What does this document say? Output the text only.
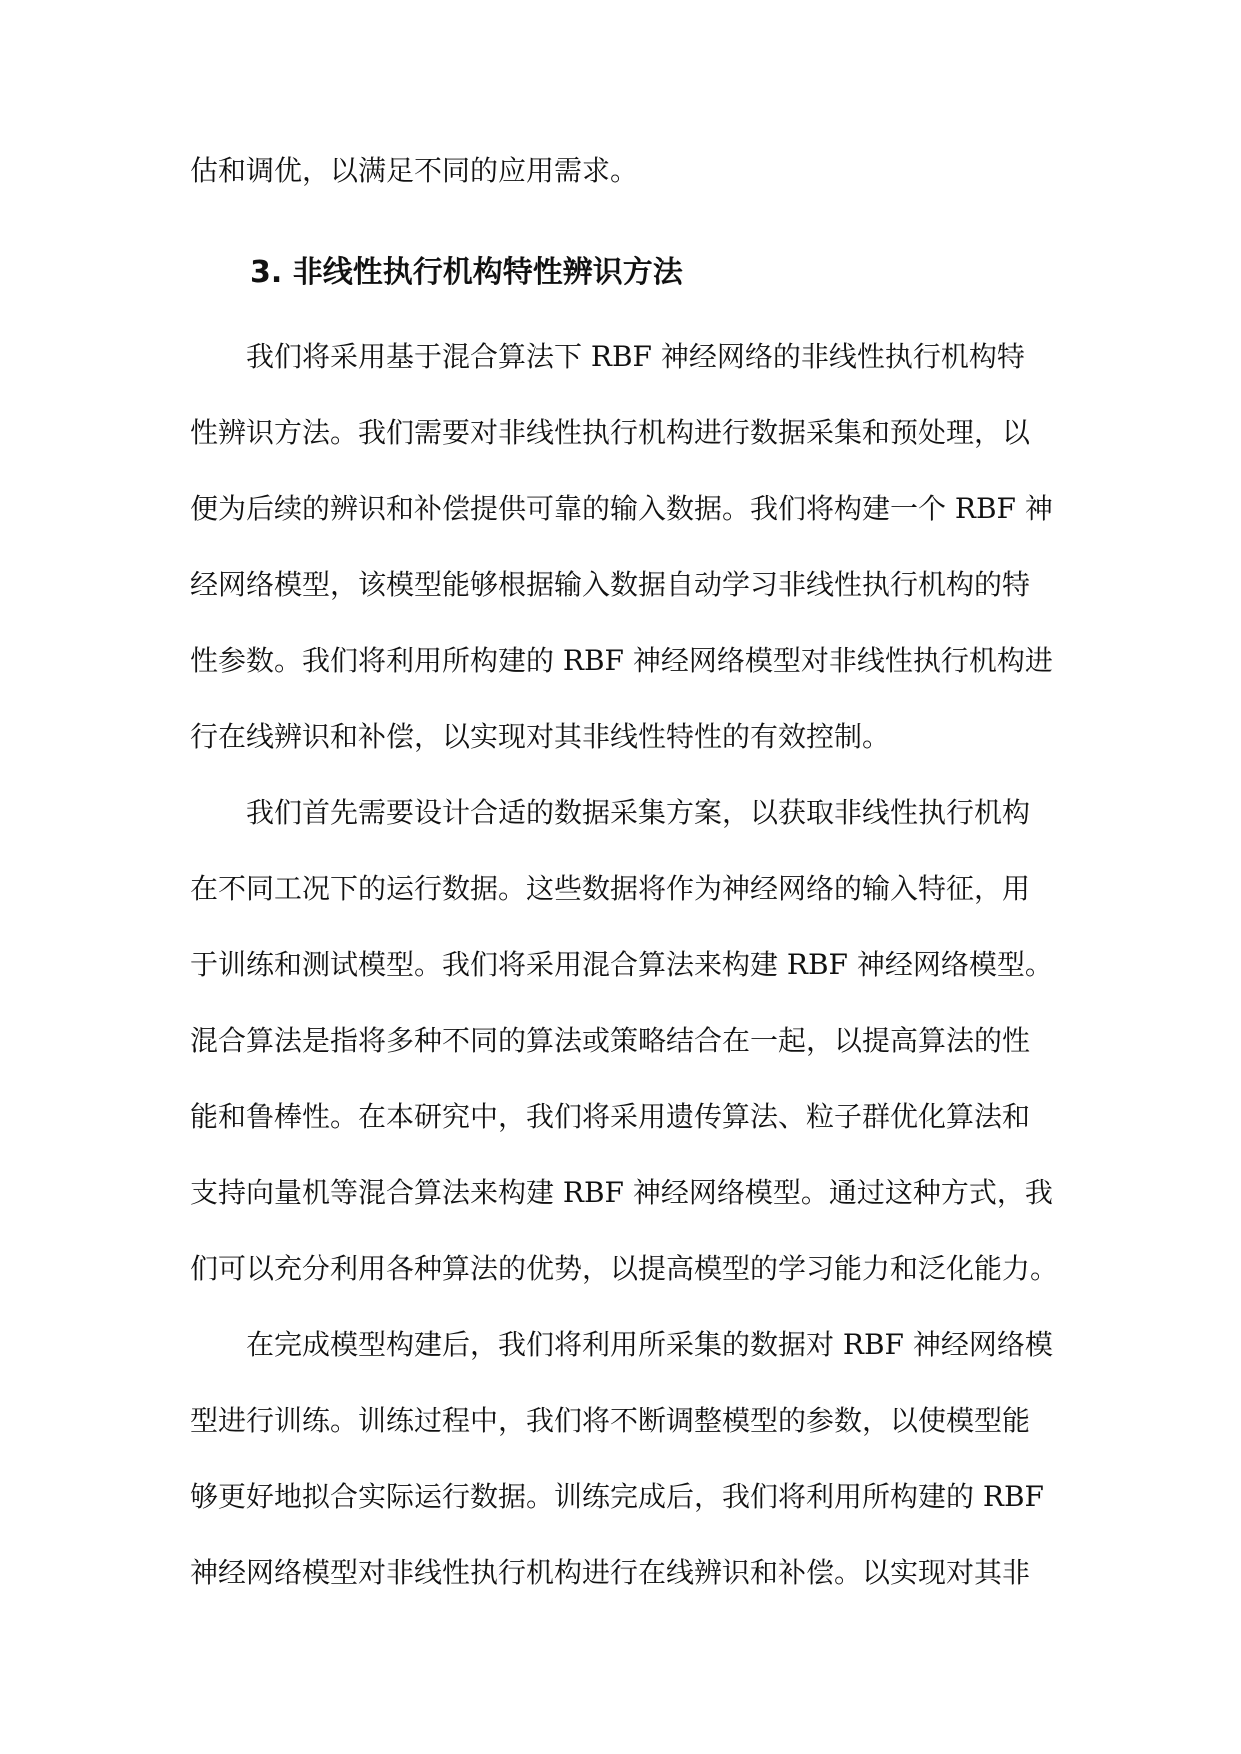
估和调优，以满足不同的应用需求。
3. 非线性执行机构特性辨识方法
我们将采用基于混合算法下 RBF 神经网络的非线性执行机构特
性辨识方法。我们需要对非线性执行机构进行数据采集和预处理，以
便为后续的辨识和补偿提供可靠的输入数据。我们将构建一个 RBF 神
经网络模型，该模型能够根据输入数据自动学习非线性执行机构的特
性参数。我们将利用所构建的 RBF 神经网络模型对非线性执行机构进
行在线辨识和补偿，以实现对其非线性特性的有效控制。
我们首先需要设计合适的数据采集方案，以获取非线性执行机构
在不同工况下的运行数据。这些数据将作为神经网络的输入特征，用
于训练和测试模型。我们将采用混合算法来构建 RBF 神经网络模型。
混合算法是指将多种不同的算法或策略结合在一起，以提高算法的性
能和鲁棒性。在本研究中，我们将采用遗传算法、粒子群优化算法和
支持向量机等混合算法来构建 RBF 神经网络模型。通过这种方式，我
们可以充分利用各种算法的优势，以提高模型的学习能力和泛化能力。
在完成模型构建后，我们将利用所采集的数据对 RBF 神经网络模
型进行训练。训练过程中，我们将不断调整模型的参数，以使模型能
够更好地拟合实际运行数据。训练完成后，我们将利用所构建的 RBF
神经网络模型对非线性执行机构进行在线辨识和补偿。以实现对其非
